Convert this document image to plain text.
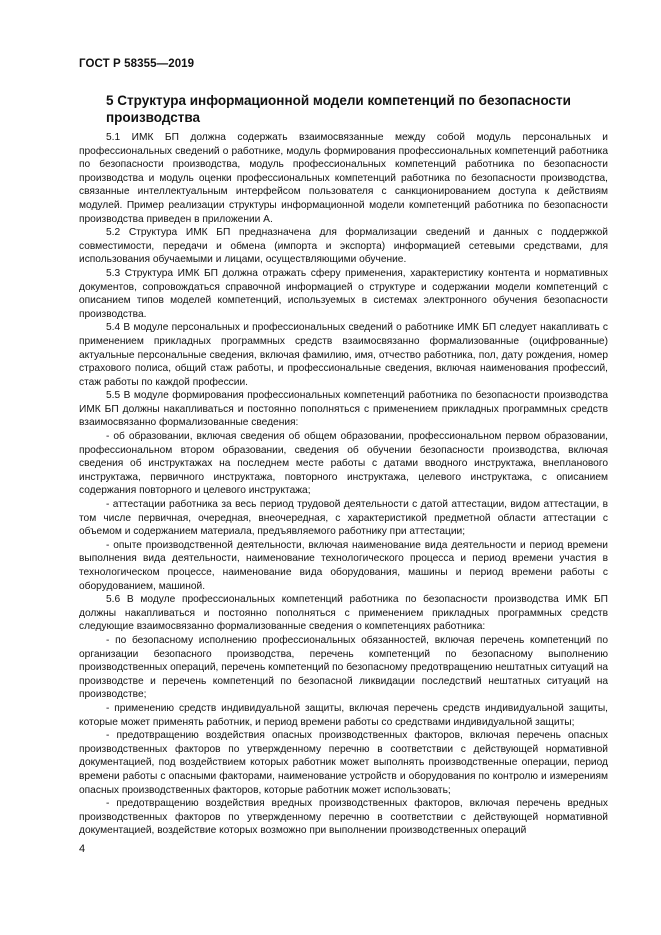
ГОСТ Р 58355—2019
5 Структура информационной модели компетенций по безопасности производства

5.1 ИМК БП должна содержать взаимосвязанные между собой модуль персональных и профессиональных сведений о работнике, модуль формирования профессиональных компетенций работника по безопасности производства, модуль профессиональных компетенций работника по безопасности производства и модуль оценки профессиональных компетенций работника по безопасности производства, связанные интеллектуальным интерфейсом пользователя с санкционированием доступа к действиям модулей. Пример реализации структуры информационной модели компетенций работника по безопасности производства приведен в приложении А.

5.2 Структура ИМК БП предназначена для формализации сведений и данных с поддержкой совместимости, передачи и обмена (импорта и экспорта) информацией сетевыми средствами, для использования обучаемыми и лицами, осуществляющими обучение.

5.3 Структура ИМК БП должна отражать сферу применения, характеристику контента и нормативных документов, сопровождаться справочной информацией о структуре и содержании модели компетенций с описанием типов моделей компетенций, используемых в системах электронного обучения безопасности производства.

5.4 В модуле персональных и профессиональных сведений о работнике ИМК БП следует накапливать с применением прикладных программных средств взаимосвязанно формализованные (оцифрованные) актуальные персональные сведения, включая фамилию, имя, отчество работника, пол, дату рождения, номер страхового полиса, общий стаж работы, и профессиональные сведения, включая наименования профессий, стаж работы по каждой профессии.

5.5 В модуле формирования профессиональных компетенций работника по безопасности производства ИМК БП должны накапливаться и постоянно пополняться с применением прикладных программных средств взаимосвязанно формализованные сведения:

- об образовании, включая сведения об общем образовании, профессиональном первом образовании, профессиональном втором образовании, сведения об обучении безопасности производства, включая сведения об инструктажах на последнем месте работы с датами вводного инструктажа, внепланового инструктажа, первичного инструктажа, повторного инструктажа, целевого инструктажа, с описанием содержания повторного и целевого инструктажа;

- аттестации работника за весь период трудовой деятельности с датой аттестации, видом аттестации, в том числе первичная, очередная, внеочередная, с характеристикой предметной области аттестации с объемом и содержанием материала, предъявляемого работнику при аттестации;

- опыте производственной деятельности, включая наименование вида деятельности и период времени выполнения вида деятельности, наименование технологического процесса и период времени участия в технологическом процессе, наименование вида оборудования, машины и период времени работы с оборудованием, машиной.

5.6 В модуле профессиональных компетенций работника по безопасности производства ИМК БП должны накапливаться и постоянно пополняться с применением прикладных программных средств следующие взаимосвязанно формализованные сведения о компетенциях работника:

- по безопасному исполнению профессиональных обязанностей, включая перечень компетенций по организации безопасного производства, перечень компетенций по безопасному выполнению производственных операций, перечень компетенций по безопасному предотвращению нештатных ситуаций на производстве и перечень компетенций по безопасной ликвидации последствий нештатных ситуаций на производстве;

- применению средств индивидуальной защиты, включая перечень средств индивидуальной защиты, которые может применять работник, и период времени работы со средствами индивидуальной защиты;

- предотвращению воздействия опасных производственных факторов, включая перечень опасных производственных факторов по утвержденному перечню в соответствии с действующей нормативной документацией, под воздействием которых работник может выполнять производственные операции, период времени работы с опасными факторами, наименование устройств и оборудования по контролю и измерениям опасных производственных факторов, которые работник может использовать;

- предотвращению воздействия вредных производственных факторов, включая перечень вредных производственных факторов по утвержденному перечню в соответствии с действующей нормативной документацией, воздействие которых возможно при выполнении производственных операций

4
